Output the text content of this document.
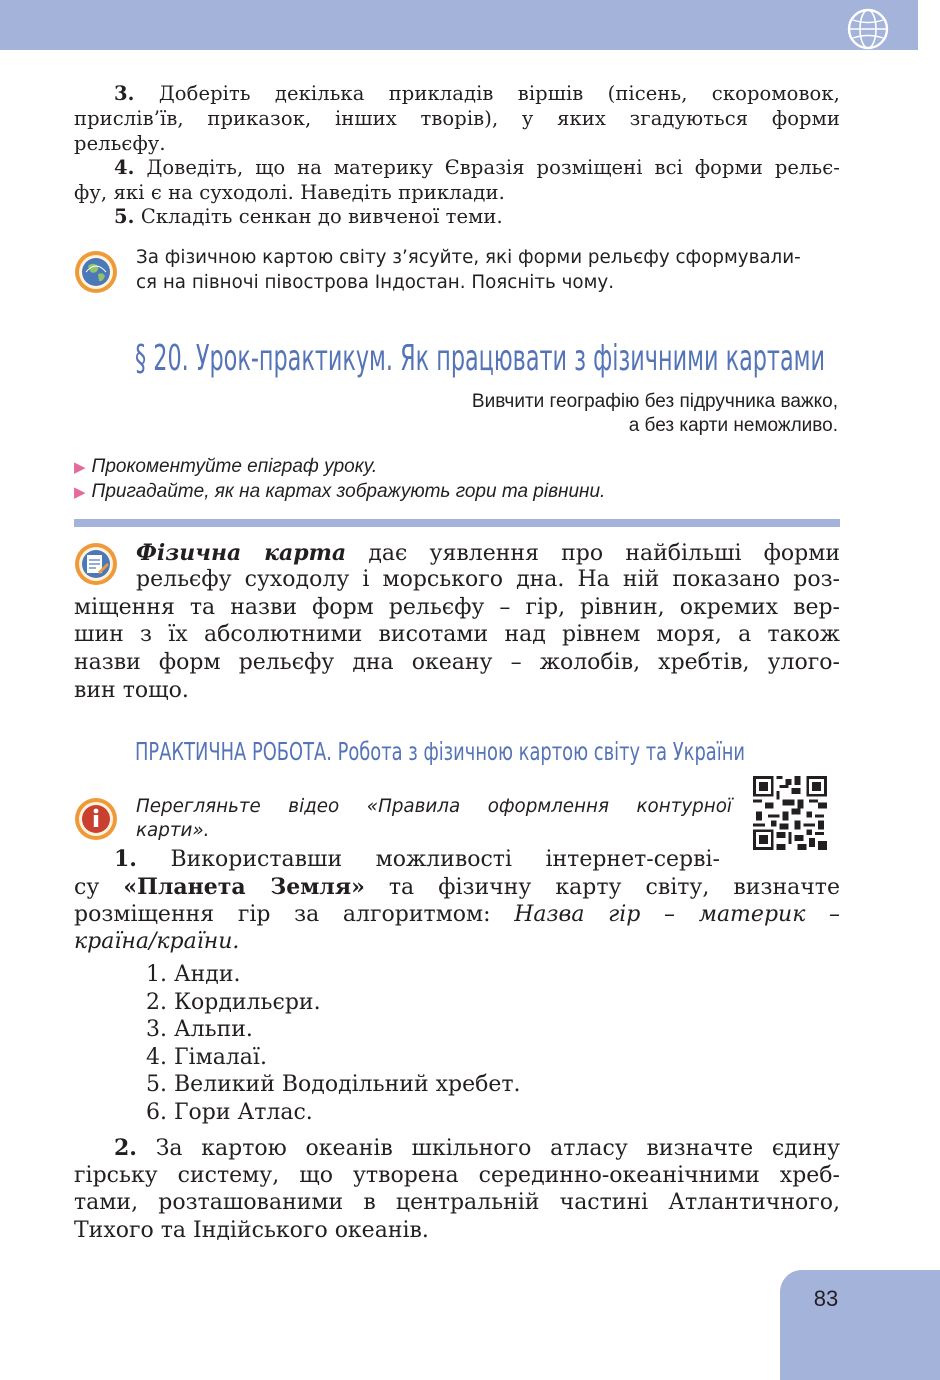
3. Доберіть декілька прикладів віршів (пісень, скоромовок,
прислів’їв, приказок, інших творів), у яких згадуються форми
рельєфу.
4. Доведіть, що на материку Євразія розміщені всі форми рельє-
фу, які є на суходолі. Наведіть приклади.
5. Складіть сенкан до вивченої теми.
За фізичною картою світу з’ясуйте, які форми рельєфу сформували-
ся на півночі півострова Індостан. Поясніть чому.
§ 20. Урок-практикум. Як працювати з фізичними картами
Вивчити географію без підручника важко,
а без карти неможливо.
▶ Прокоментуйте епіграф уроку.
▶ Пригадайте, як на картах зображують гори та рівнини.
Фізична карта дає уявлення про найбільші форми
рельєфу суходолу і морського дна. На ній показано роз-
міщення та назви форм рельєфу – гір, рівнин, окремих вер-
шин з їх абсолютними висотами над рівнем моря, а також
назви форм рельєфу дна океану – жолобів, хребтів, улого-
вин тощо.
ПРАКТИЧНА РОБОТА. Робота з фізичною картою світу та України
Перегляньте відео «Правила оформлення контурної
карти».
1. Використавши можливості інтернет-серві-
су «Планета Земля» та фізичну карту світу, визначте
розміщення гір за алгоритмом: Назва гір – материк –
країна/країни.
1. Анди.
2. Кордильєри.
3. Альпи.
4. Гімалаї.
5. Великий Вододільний хребет.
6. Гори Атлас.
2. За картою океанів шкільного атласу визначте єдину
гірську систему, що утворена серединно-океанічними хреб-
тами, розташованими в центральній частині Атлантичного,
Тихого та Індійського океанів.
83
